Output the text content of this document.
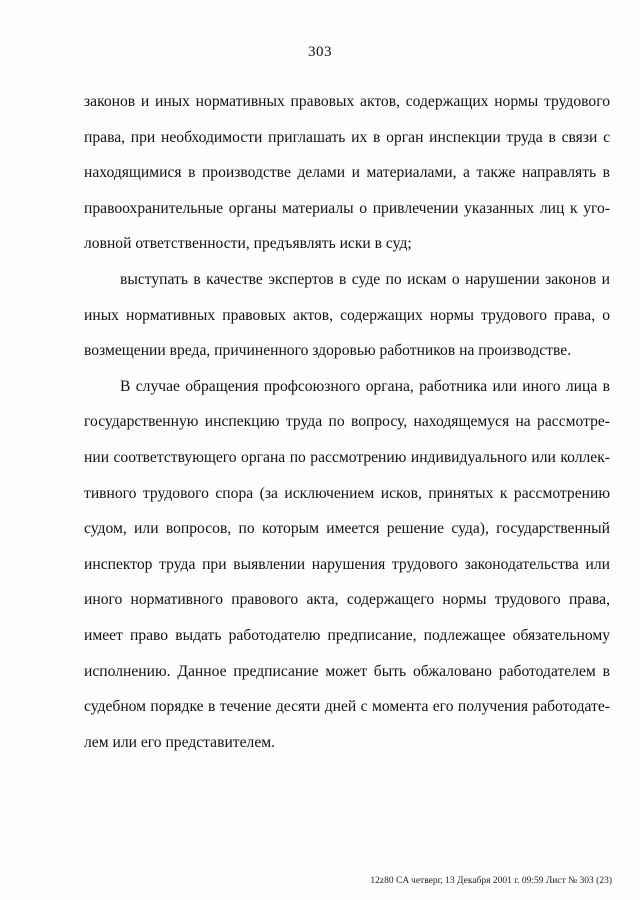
303
законов и иных нормативных правовых актов, содержащих нормы трудового
права, при необходимости приглашать их в орган инспекции труда в связи с
находящимися в производстве делами и материалами, а также направлять в
правоохранительные органы материалы о привлечении указанных лиц к уго-
ловной ответственности, предъявлять иски в суд;
выступать в качестве экспертов в суде по искам о нарушении законов и
иных нормативных правовых актов, содержащих нормы трудового права, о
возмещении вреда, причиненного здоровью работников на производстве.
В случае обращения профсоюзного органа, работника или иного лица в
государственную инспекцию труда по вопросу, находящемуся на рассмотре-
нии соответствующего органа по рассмотрению индивидуального или коллек-
тивного трудового спора (за исключением исков, принятых к рассмотрению
судом, или вопросов, по которым имеется решение суда), государственный
инспектор труда при выявлении нарушения трудового законодательства или
иного нормативного правового акта, содержащего нормы трудового права,
имеет право выдать работодателю предписание, подлежащее обязательному
исполнению. Данное предписание может быть обжаловано работодателем в
судебном порядке в течение десяти дней с момента его получения работодате-
лем или его представителем.
12z80 CA четверг, 13 Декабря 2001 г. 09:59 Лист № 303 (23)
